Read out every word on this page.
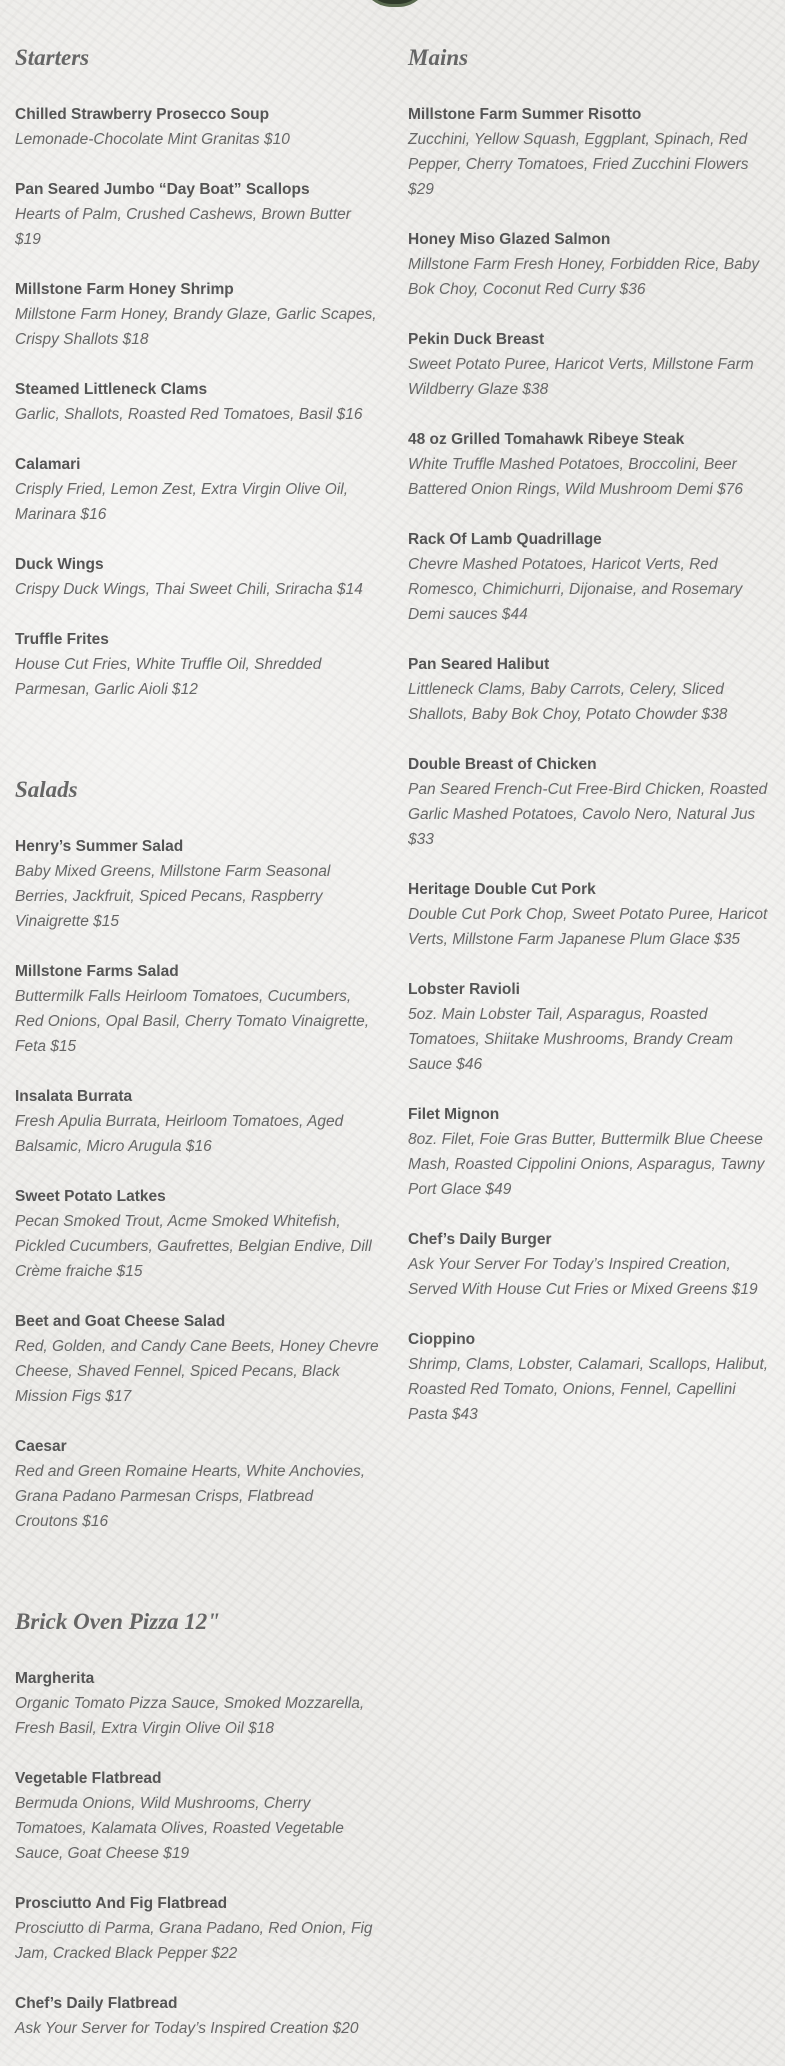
Starters
Chilled Strawberry Prosecco Soup
Lemonade-Chocolate Mint Granitas $10
Pan Seared Jumbo “Day Boat” Scallops
Hearts of Palm, Crushed Cashews, Brown Butter $19
Millstone Farm Honey Shrimp
Millstone Farm Honey, Brandy Glaze, Garlic Scapes, Crispy Shallots $18
Steamed Littleneck Clams
Garlic, Shallots, Roasted Red Tomatoes, Basil $16
Calamari
Crisply Fried, Lemon Zest, Extra Virgin Olive Oil, Marinara $16
Duck Wings
Crispy Duck Wings, Thai Sweet Chili, Sriracha $14
Truffle Frites
House Cut Fries, White Truffle Oil, Shredded Parmesan, Garlic Aioli $12
Salads
Henry’s Summer Salad
Baby Mixed Greens, Millstone Farm Seasonal Berries, Jackfruit, Spiced Pecans, Raspberry Vinaigrette $15
Millstone Farms Salad
Buttermilk Falls Heirloom Tomatoes, Cucumbers, Red Onions, Opal Basil, Cherry Tomato Vinaigrette, Feta $15
Insalata Burrata
Fresh Apulia Burrata, Heirloom Tomatoes, Aged Balsamic, Micro Arugula $16
Sweet Potato Latkes
Pecan Smoked Trout, Acme Smoked Whitefish, Pickled Cucumbers, Gaufrettes, Belgian Endive, Dill Crème fraiche $15
Beet and Goat Cheese Salad
Red, Golden, and Candy Cane Beets, Honey Chevre Cheese, Shaved Fennel, Spiced Pecans, Black Mission Figs $17
Caesar
Red and Green Romaine Hearts, White Anchovies, Grana Padano Parmesan Crisps, Flatbread Croutons $16
Brick Oven Pizza 12"
Margherita
Organic Tomato Pizza Sauce, Smoked Mozzarella, Fresh Basil, Extra Virgin Olive Oil $18
Vegetable Flatbread
Bermuda Onions, Wild Mushrooms, Cherry Tomatoes, Kalamata Olives, Roasted Vegetable Sauce, Goat Cheese $19
Prosciutto And Fig Flatbread
Prosciutto di Parma, Grana Padano, Red Onion, Fig Jam, Cracked Black Pepper $22
Chef’s Daily Flatbread
Ask Your Server for Today’s Inspired Creation $20
Mains
Millstone Farm Summer Risotto
Zucchini, Yellow Squash, Eggplant, Spinach, Red Pepper, Cherry Tomatoes, Fried Zucchini Flowers $29
Honey Miso Glazed Salmon
Millstone Farm Fresh Honey, Forbidden Rice, Baby Bok Choy, Coconut Red Curry $36
Pekin Duck Breast
Sweet Potato Puree, Haricot Verts, Millstone Farm Wildberry Glaze $38
48 oz Grilled Tomahawk Ribeye Steak
White Truffle Mashed Potatoes, Broccolini, Beer Battered Onion Rings, Wild Mushroom Demi $76
Rack Of Lamb Quadrillage
Chevre Mashed Potatoes, Haricot Verts, Red Romesco, Chimichurri, Dijonaise, and Rosemary Demi sauces $44
Pan Seared Halibut
Littleneck Clams, Baby Carrots, Celery, Sliced Shallots, Baby Bok Choy, Potato Chowder $38
Double Breast of Chicken
Pan Seared French-Cut Free-Bird Chicken, Roasted Garlic Mashed Potatoes, Cavolo Nero, Natural Jus $33
Heritage Double Cut Pork
Double Cut Pork Chop, Sweet Potato Puree, Haricot Verts, Millstone Farm Japanese Plum Glace $35
Lobster Ravioli
5oz. Main Lobster Tail, Asparagus, Roasted Tomatoes, Shiitake Mushrooms, Brandy Cream Sauce $46
Filet Mignon
8oz. Filet, Foie Gras Butter, Buttermilk Blue Cheese Mash, Roasted Cippolini Onions, Asparagus, Tawny Port Glace $49
Chef’s Daily Burger
Ask Your Server For Today’s Inspired Creation, Served With House Cut Fries or Mixed Greens $19
Cioppino
Shrimp, Clams, Lobster, Calamari, Scallops, Halibut, Roasted Red Tomato, Onions, Fennel, Capellini Pasta $43
